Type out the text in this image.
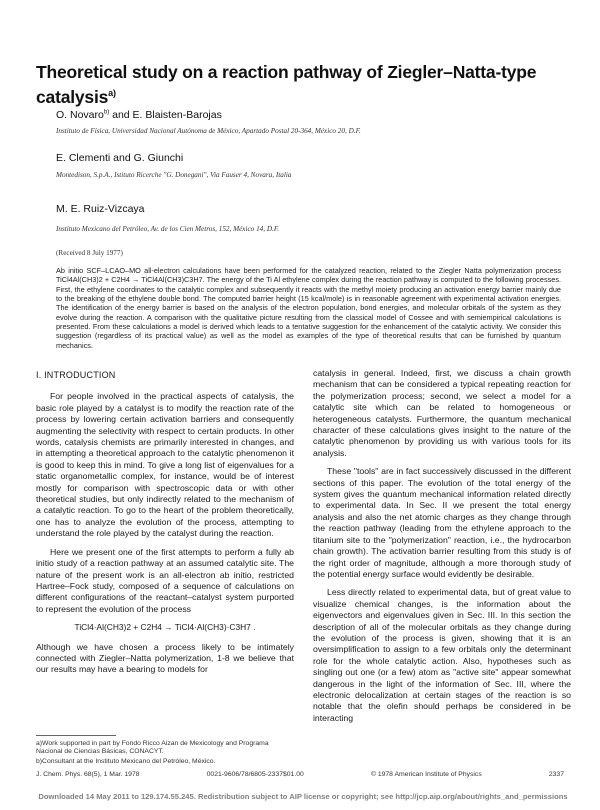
Theoretical study on a reaction pathway of Ziegler–Natta-type catalysis$^{a)}$
O. Novaro$^{b)}$ and E. Blaisten-Barojas
Instituto de Física, Universidad Nacional Autónoma de México, Apartado Postal 20-364, México 20, D.F.
E. Clementi and G. Giunchi
Montedison, S.p.A., Istituto Ricerche "G. Donegani", Via Fauser 4, Novara, Italia
M. E. Ruiz-Vizcaya
Instituto Mexicano del Petróleo, Av. de los Cien Metros, 152, México 14, D.F.
(Received 8 July 1977)
Ab initio SCF–LCAO–MO all-electron calculations have been performed for the catalyzed reaction, related to the Ziegler Natta polymerization process TiCl4Al(CH3)2 + C2H4 → TiCl4Al(CH3)C3H7. The energy of the Ti Al ethylene complex during the reaction pathway is computed to the following processes. First, the ethylene coordinates to the catalytic complex and subsequently it reacts with the methyl moiety producing an activation energy barrier mainly due to the breaking of the ethylene double bond. The computed barrier height (15 kcal/mole) is in reasonable agreement with experimental activation energies. The identification of the energy barrier is based on the analysis of the electron population, bond energies, and molecular orbitals of the system as they evolve during the reaction. A comparison with the qualitative picture resulting from the classical model of Cossee and with semiempirical calculations is presented. From these calculations a model is derived which leads to a tentative suggestion for the enhancement of the catalytic activity. We consider this suggestion (regardless of its practical value) as well as the model as examples of the type of theoretical results that can be furnished by quantum mechanics.
I. INTRODUCTION

For people involved in the practical aspects of catalysis, the basic role played by a catalyst is to modify the reaction rate of the process by lowering certain activation barriers and consequently augmenting the selectivity with respect to certain products. In other words, catalysis chemists are primarily interested in changes, and in attempting a theoretical approach to the catalytic phenomenon it is good to keep this in mind. To give a long list of eigenvalues for a static organometallic complex, for instance, would be of interest mostly for comparison with spectroscopic data or with other theoretical studies, but only indirectly related to the mechanism of a catalytic reaction. To go to the heart of the problem theoretically, one has to analyze the evolution of the process, attempting to understand the role played by the catalyst during the reaction.

Here we present one of the first attempts to perform a fully ab initio study of a reaction pathway at an assumed catalytic site. The nature of the present work is an all-electron ab initio, restricted Hartree–Fock study, composed of a sequence of calculations on different configurations of the reactant–catalyst system purported to represent the evolution of the process

TiCl4·Al(CH3)2 + C2H4 → TiCl4·Al(CH3)·C3H7 .

Although we have chosen a process likely to be intimately connected with Ziegler–Natta polymerization, 1-8 we believe that our results may have a bearing to models for

catalysis in general. Indeed, first, we discuss a chain growth mechanism that can be considered a typical repeating reaction for the polymerization process; second, we select a model for a catalytic site which can be related to homogeneous or heterogeneous catalysts. Furthermore, the quantum mechanical character of these calculations gives insight to the nature of the catalytic phenomenon by providing us with various tools for its analysis.

These "tools" are in fact successively discussed in the different sections of this paper. The evolution of the total energy of the system gives the quantum mechanical information related directly to experimental data. In Sec. II we present the total energy analysis and also the net atomic charges as they change through the reaction pathway (leading from the ethylene approach to the titanium site to the "polymerization" reaction, i.e., the hydrocarbon chain growth). The activation barrier resulting from this study is of the right order of magnitude, although a more thorough study of the potential energy surface would evidently be desirable.

Less directly related to experimental data, but of great value to visualize chemical changes, is the information about the eigenvectors and eigenvalues given in Sec. III. In this section the description of all of the molecular orbitals as they change during the evolution of the process is given, showing that it is an oversimplification to assign to a few orbitals only the determinant role for the whole catalytic action. Also, hypotheses such as singling out one (or a few) atom as "active site" appear somewhat dangerous in the light of the information of Sec. III, where the electronic delocalization at certain stages of the reaction is so notable that the olefin should perhaps be considered in be interacting

a)Work supported in part by Fondo Ricco Aizan de Mexicology and Programa Nacional de Ciencias Básicas, CONACYT.
b)Consultant at the Instituto Mexicano del Petróleo, México.
J. Chem. Phys. 68(5), 1 Mar. 1978	0021-9606/78/6805-2337$01.00	© 1978 American Institute of Physics	2337
Downloaded 14 May 2011 to 129.174.55.245. Redistribution subject to AIP license or copyright; see http://jcp.aip.org/about/rights_and_permissions
